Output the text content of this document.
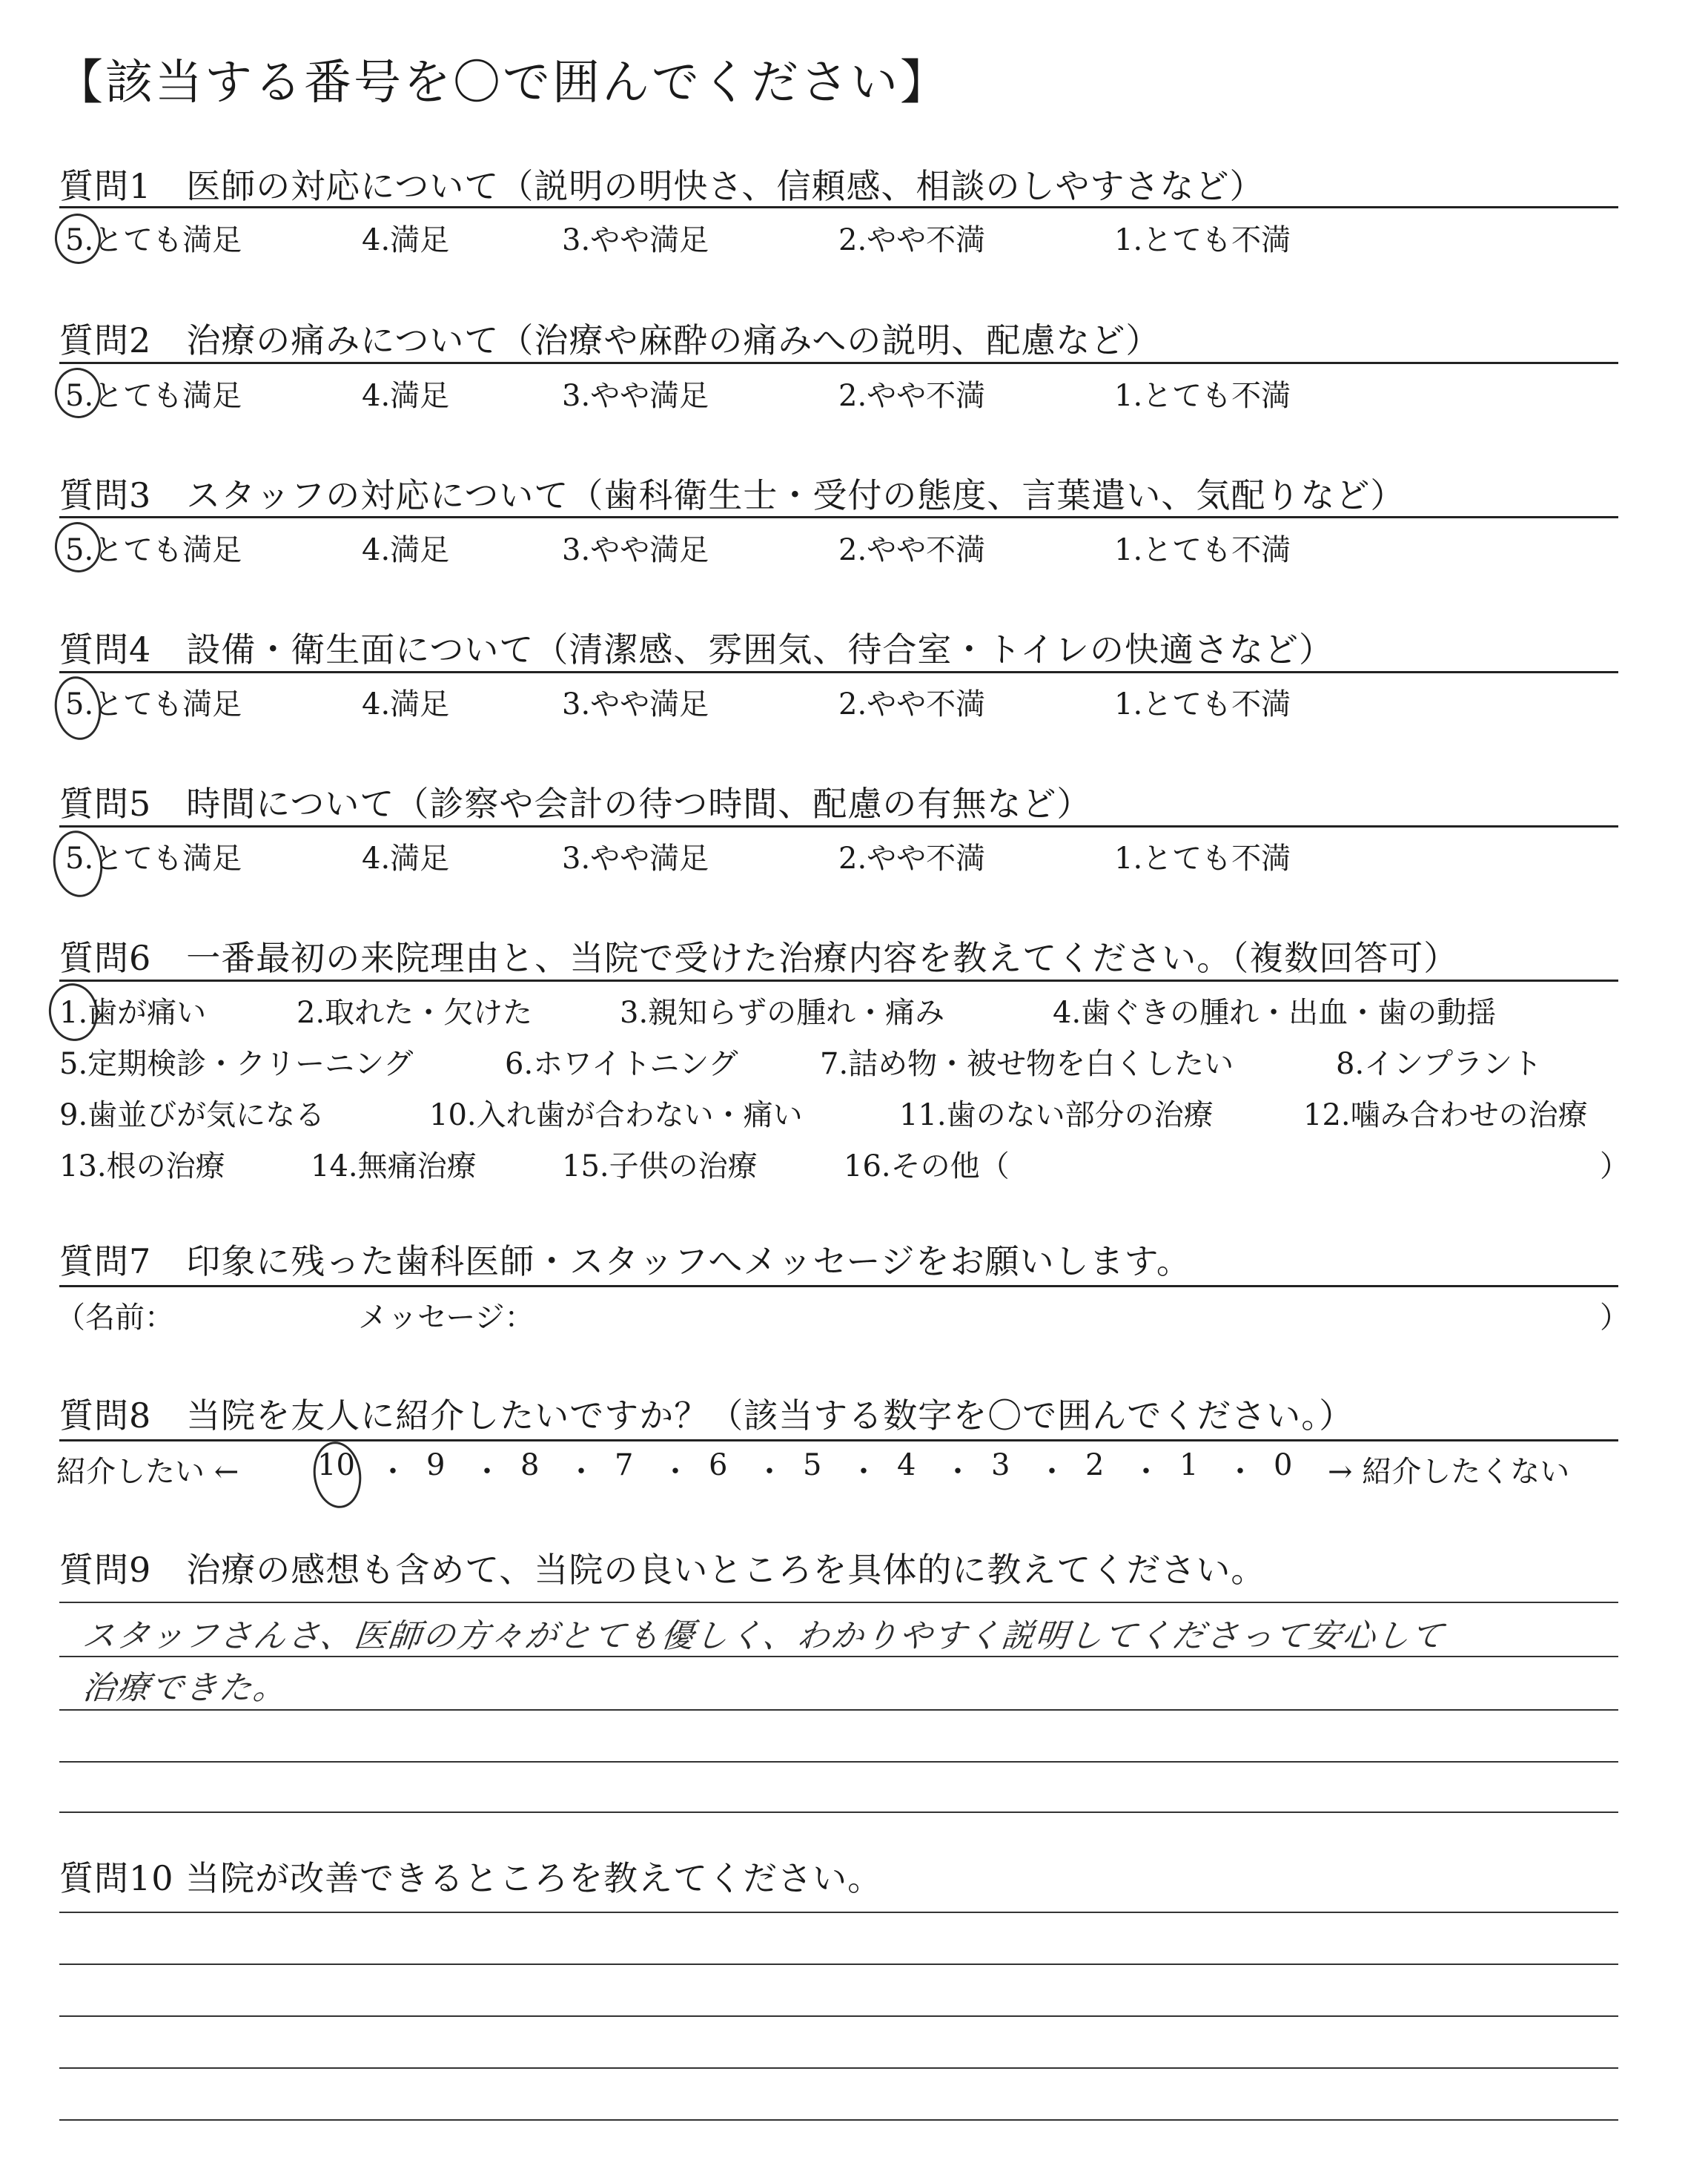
【該当する番号を〇で囲んでください】
質問1　医師の対応について（説明の明快さ、信頼感、相談のしやすさなど）
5.とても満足	4.満足	3.やや満足	2.やや不満	1.とても不満
質問2　治療の痛みについて（治療や麻酔の痛みへの説明、配慮など）
5.とても満足	4.満足	3.やや満足	2.やや不満	1.とても不満
質問3　スタッフの対応について（歯科衛生士・受付の態度、言葉遣い、気配りなど）
5.とても満足	4.満足	3.やや満足	2.やや不満	1.とても不満
質問4　設備・衛生面について（清潔感、雰囲気、待合室・トイレの快適さなど）
5.とても満足	4.満足	3.やや満足	2.やや不満	1.とても不満
質問5　時間について（診察や会計の待つ時間、配慮の有無など）
5.とても満足	4.満足	3.やや満足	2.やや不満	1.とても不満
質問6　一番最初の来院理由と、当院で受けた治療内容を教えてください。（複数回答可）
1.歯が痛い	2.取れた・欠けた	3.親知らずの腫れ・痛み	4.歯ぐきの腫れ・出血・歯の動揺
5.定期検診・クリーニング	6.ホワイトニング	7.詰め物・被せ物を白くしたい	8.インプラント
9.歯並びが気になる	10.入れ歯が合わない・痛い	11.歯のない部分の治療	12.噛み合わせの治療
13.根の治療	14.無痛治療	15.子供の治療	16.その他（	）
質問7　印象に残った歯科医師・スタッフへメッセージをお願いします。
（名前：	メッセージ：	）
質問8　当院を友人に紹介したいですか？（該当する数字を〇で囲んでください。）
紹介したい ←	10 ・ 9 ・ 8 ・ 7 ・ 6 ・ 5 ・ 4 ・ 3 ・ 2 ・ 1 ・ 0 → 紹介したくない
質問9　治療の感想も含めて、当院の良いところを具体的に教えてください。
スタッフさんさ、医師の方々がとても優しく、わかりやすく説明してくださって安心して
治療できた。
質問10 当院が改善できるところを教えてください。
